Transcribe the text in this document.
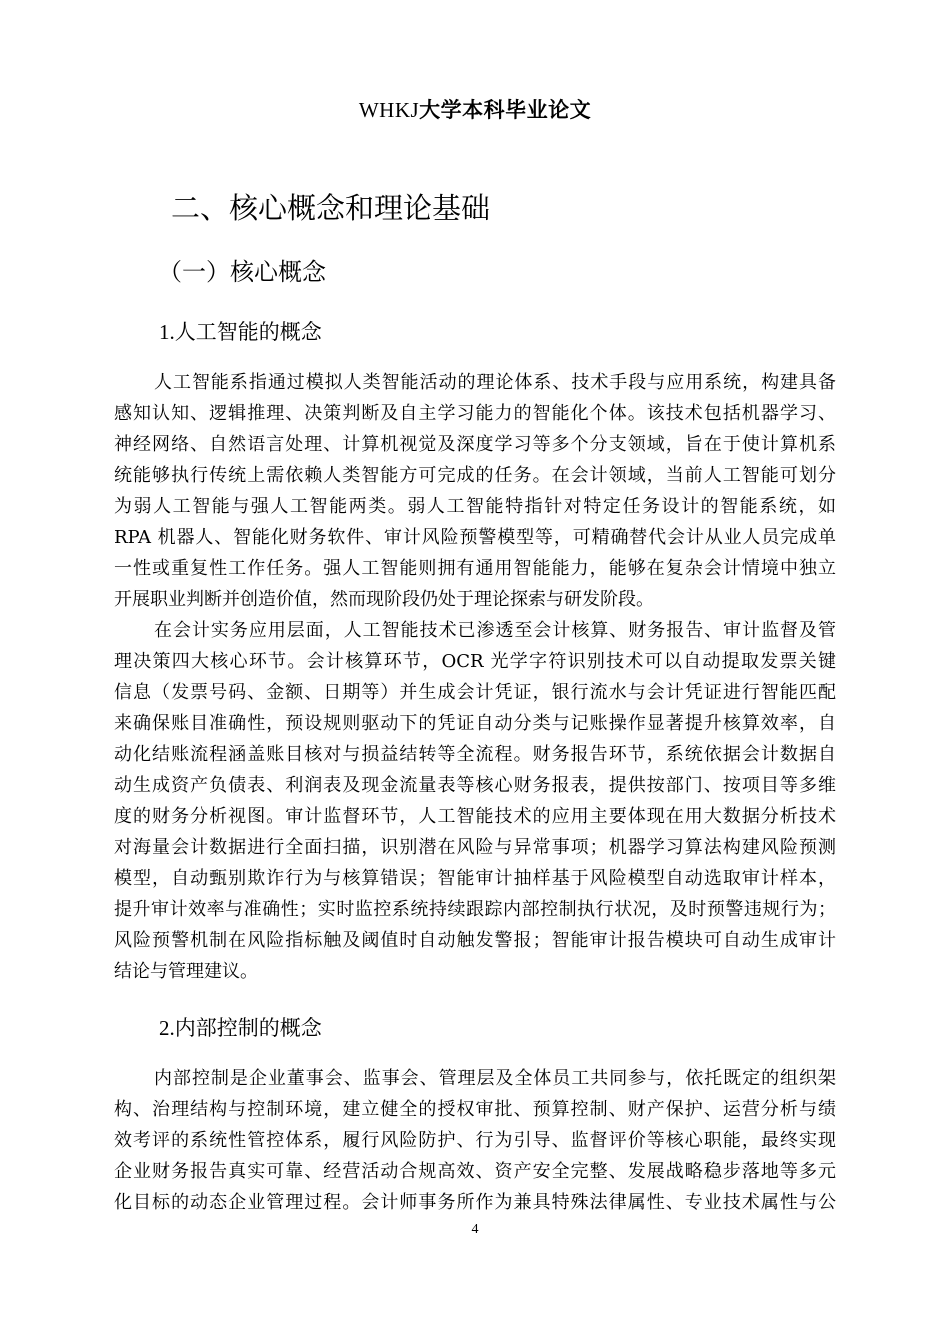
WHKJ大学本科毕业论文
二、核心概念和理论基础
（一）核心概念
1.人工智能的概念
人工智能系指通过模拟人类智能活动的理论体系、技术手段与应用系统，构建具备
感知认知、逻辑推理、决策判断及自主学习能力的智能化个体。该技术包括机器学习、
神经网络、自然语言处理、计算机视觉及深度学习等多个分支领域，旨在于使计算机系
统能够执行传统上需依赖人类智能方可完成的任务。在会计领域，当前人工智能可划分
为弱人工智能与强人工智能两类。弱人工智能特指针对特定任务设计的智能系统，如
RPA 机器人、智能化财务软件、审计风险预警模型等，可精确替代会计从业人员完成单
一性或重复性工作任务。强人工智能则拥有通用智能能力，能够在复杂会计情境中独立
开展职业判断并创造价值，然而现阶段仍处于理论探索与研发阶段。
在会计实务应用层面，人工智能技术已渗透至会计核算、财务报告、审计监督及管
理决策四大核心环节。会计核算环节，OCR 光学字符识别技术可以自动提取发票关键
信息（发票号码、金额、日期等）并生成会计凭证，银行流水与会计凭证进行智能匹配
来确保账目准确性，预设规则驱动下的凭证自动分类与记账操作显著提升核算效率，自
动化结账流程涵盖账目核对与损益结转等全流程。财务报告环节，系统依据会计数据自
动生成资产负债表、利润表及现金流量表等核心财务报表，提供按部门、按项目等多维
度的财务分析视图。审计监督环节，人工智能技术的应用主要体现在用大数据分析技术
对海量会计数据进行全面扫描，识别潜在风险与异常事项；机器学习算法构建风险预测
模型，自动甄别欺诈行为与核算错误；智能审计抽样基于风险模型自动选取审计样本，
提升审计效率与准确性；实时监控系统持续跟踪内部控制执行状况，及时预警违规行为；
风险预警机制在风险指标触及阈值时自动触发警报；智能审计报告模块可自动生成审计
结论与管理建议。
2.内部控制的概念
内部控制是企业董事会、监事会、管理层及全体员工共同参与，依托既定的组织架
构、治理结构与控制环境，建立健全的授权审批、预算控制、财产保护、运营分析与绩
效考评的系统性管控体系，履行风险防护、行为引导、监督评价等核心职能，最终实现
企业财务报告真实可靠、经营活动合规高效、资产安全完整、发展战略稳步落地等多元
化目标的动态企业管理过程。会计师事务所作为兼具特殊法律属性、专业技术属性与公
4
